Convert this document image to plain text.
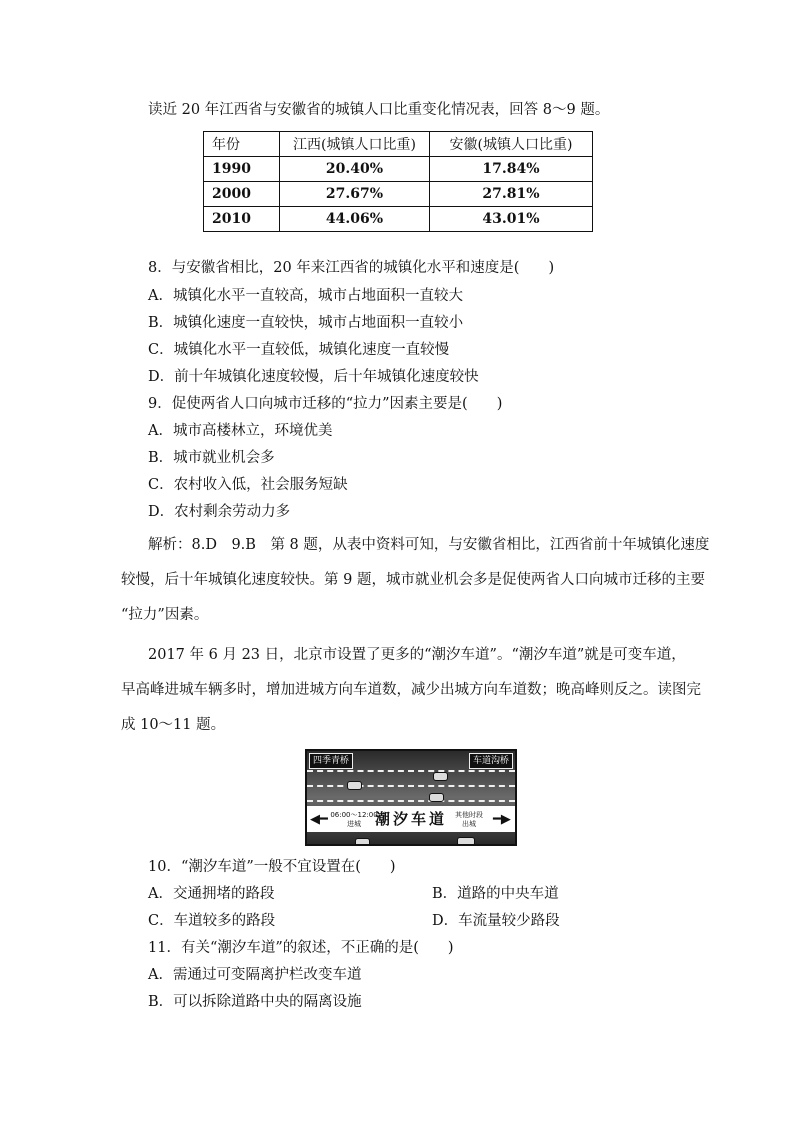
读近 20 年江西省与安徽省的城镇人口比重变化情况表，回答 8～9 题。
年份	江西(城镇人口比重)	安徽(城镇人口比重)
1990	20.40%	17.84%
2000	27.67%	27.81%
2010	44.06%	43.01%
8．与安徽省相比，20 年来江西省的城镇化水平和速度是(　　)
A．城镇化水平一直较高，城市占地面积一直较大
B．城镇化速度一直较快，城市占地面积一直较小
C．城镇化水平一直较低，城镇化速度一直较慢
D．前十年城镇化速度较慢，后十年城镇化速度较快
9．促使两省人口向城市迁移的“拉力”因素主要是(　　)
A．城市高楼林立，环境优美
B．城市就业机会多
C．农村收入低，社会服务短缺
D．农村剩余劳动力多
解析：8.D　9.B　第 8 题，从表中资料可知，与安徽省相比，江西省前十年城镇化速度
较慢，后十年城镇化速度较快。第 9 题，城市就业机会多是促使两省人口向城市迁移的主要
“拉力”因素。
2017 年 6 月 23 日，北京市设置了更多的“潮汐车道”。“潮汐车道”就是可变车道，
早高峰进城车辆多时，增加进城方向车道数，减少出城方向车道数；晚高峰则反之。读图完
成 10～11 题。
四季青桥	车道沟桥
◀━ 06:00～12:00
进城 潮汐车道	其他时段
出城	━▶
10．“潮汐车道”一般不宜设置在(　　)
A．交通拥堵的路段	B．道路的中央车道
C．车道较多的路段	D．车流量较少路段
11．有关“潮汐车道”的叙述，不正确的是(　　)
A．需通过可变隔离护栏改变车道
B．可以拆除道路中央的隔离设施
